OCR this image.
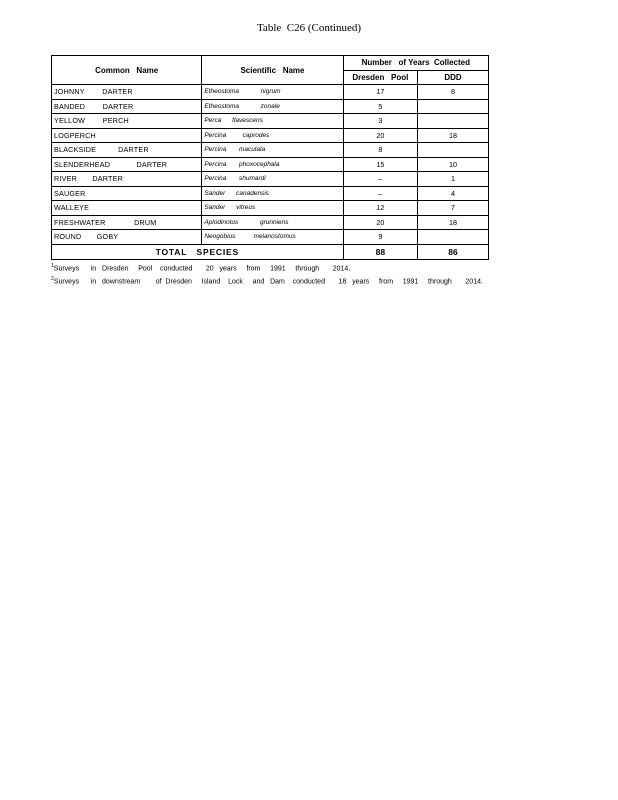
Table  C26 (Continued)
Common   Name	Scientific   Name	Number   of Years  Collected	
		Dresden   Pool	DDD
JOHNNY        DARTER	Etheostoma            nigrum	17	8
BANDED        DARTER	Etheostoma            zonale	5	
YELLOW        PERCH	Perca      flavescens	3	
LOGPERCH	Percina         caprodes	20	18
BLACKSIDE          DARTER	Percina       maculata	8	
SLENDERHEAD            DARTER	Percina       phoxocephala	15	10
RIVER       DARTER	Percina       shumardi	–	1
SAUGER	Sander      canadensis	–	4
WALLEYE	Sander      vitreus	12	7
FRESHWATER             DRUM	Aplodinotus            grunniens	20	18
ROUND       GOBY	Neogobius          melanostomus	9	
TOTAL   SPECIES		88	86
$^1$Surveys      in   Dresden     Pool    conducted       20   years     from     1991     through       2014.
$^2$Surveys      in   downstream        of  Dresden     Island    Lock     and   Dam    conducted       18   years     from     1991     through       2014.
